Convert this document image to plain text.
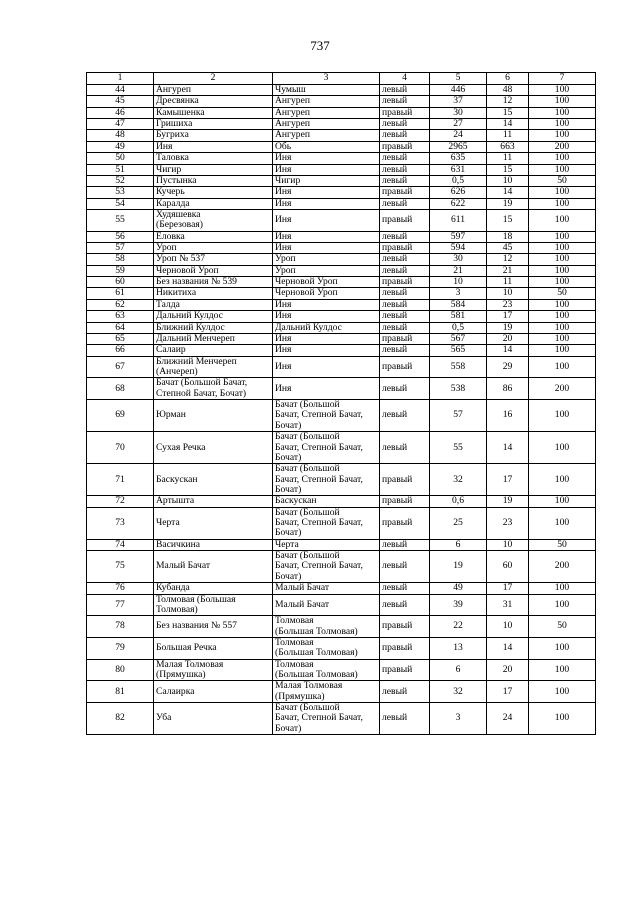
737
1	2	3	4	5	6	7
44	Ангуреп	Чумыш	левый	446	48	100
45	Дресвянка	Ангуреп	левый	37	12	100
46	Камышенка	Ангуреп	правый	30	15	100
47	Гришиха	Ангуреп	левый	27	14	100
48	Бугриха	Ангуреп	левый	24	11	100
49	Иня	Обь	правый	2965	663	200
50	Таловка	Иня	левый	635	11	100
51	Чигир	Иня	левый	631	15	100
52	Пустынка	Чигир	левый	0,5	10	50
53	Кучерь	Иня	правый	626	14	100
54	Каралда	Иня	левый	622	19	100
55	Худяшевка
(Березовая)	Иня	правый	611	15	100
56	Еловка	Иня	левый	597	18	100
57	Уроп	Иня	правый	594	45	100
58	Уроп № 537	Уроп	левый	30	12	100
59	Черновой Уроп	Уроп	левый	21	21	100
60	Без названия № 539	Черновой Уроп	правый	10	11	100
61	Никитиха	Черновой Уроп	левый	3	10	50
62	Талда	Иня	левый	584	23	100
63	Дальний Кулдос	Иня	левый	581	17	100
64	Ближний Кулдос	Дальний Кулдос	левый	0,5	19	100
65	Дальний Менчереп	Иня	правый	567	20	100
66	Салаир	Иня	левый	565	14	100
67	Ближний Менчереп
(Анчереп)	Иня	правый	558	29	100
68	Бачат (Большой Бачат,
Степной Бачат, Бочат)	Иня	левый	538	86	200
69	Юрман	Бачат (Большой
Бачат, Степной Бачат,
Бочат)	левый	57	16	100
70	Сухая Речка	Бачат (Большой
Бачат, Степной Бачат,
Бочат)	левый	55	14	100
71	Баскускан	Бачат (Большой
Бачат, Степной Бачат,
Бочат)	правый	32	17	100
72	Артышта	Баскускан	правый	0,6	19	100
73	Черта	Бачат (Большой
Бачат, Степной Бачат,
Бочат)	правый	25	23	100
74	Васичкина	Черта	левый	6	10	50
75	Малый Бачат	Бачат (Большой
Бачат, Степной Бачат,
Бочат)	левый	19	60	200
76	Кубанда	Малый Бачат	левый	49	17	100
77	Толмовая (Большая
Толмовая)	Малый Бачат	левый	39	31	100
78	Без названия № 557	Толмовая
(Большая Толмовая)	правый	22	10	50
79	Большая Речка	Толмовая
(Большая Толмовая)	правый	13	14	100
80	Малая Толмовая
(Прямушка)	Толмовая
(Большая Толмовая)	правый	6	20	100
81	Салаирка	Малая Толмовая
(Прямушка)	левый	32	17	100
82	Уба	Бачат (Большой
Бачат, Степной Бачат,
Бочат)	левый	3	24	100
